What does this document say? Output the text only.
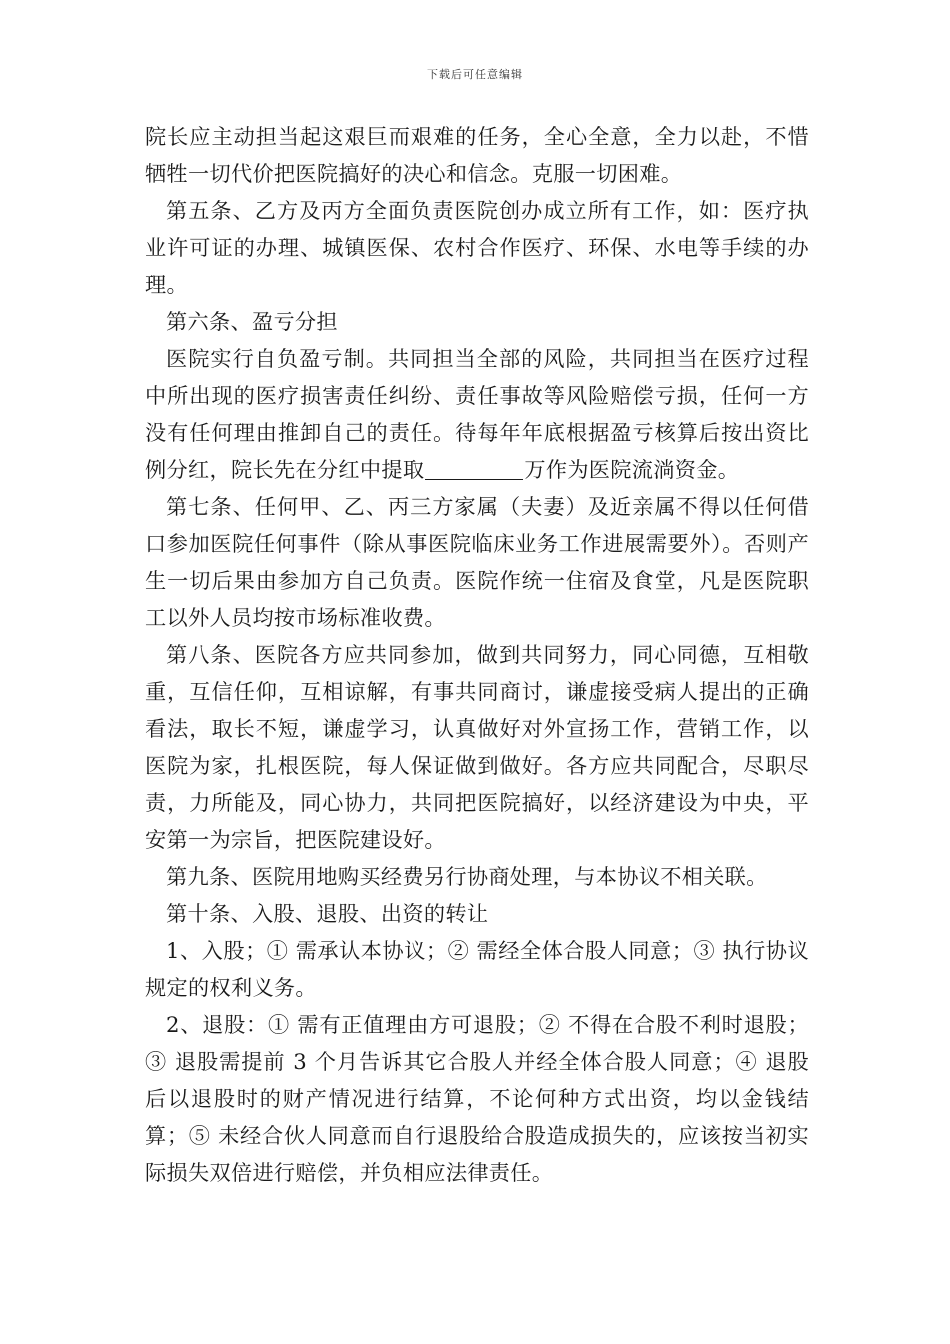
下载后可任意编辑

院长应主动担当起这艰巨而艰难的任务，全心全意，全力以赴，不惜牺牲一切代价把医院搞好的决心和信念。克服一切困难。

第五条、乙方及丙方全面负责医院创办成立所有工作，如：医疗执业许可证的办理、城镇医保、农村合作医疗、环保、水电等手续的办理。

第六条、盈亏分担

医院实行自负盈亏制。共同担当全部的风险，共同担当在医疗过程中所出现的医疗损害责任纠纷、责任事故等风险赔偿亏损，任何一方没有任何理由推卸自己的责任。待每年年底根据盈亏核算后按出资比例分红，院长先在分红中提取	万作为医院流淌资金。

第七条、任何甲、乙、丙三方家属（夫妻）及近亲属不得以任何借口参加医院任何事件（除从事医院临床业务工作进展需要外）。否则产生一切后果由参加方自己负责。医院作统一住宿及食堂，凡是医院职工以外人员均按市场标准收费。

第八条、医院各方应共同参加，做到共同努力，同心同德，互相敬重，互信任仰，互相谅解，有事共同商讨，谦虚接受病人提出的正确看法，取长不短，谦虚学习，认真做好对外宣扬工作，营销工作，以医院为家，扎根医院，每人保证做到做好。各方应共同配合，尽职尽责，力所能及，同心协力，共同把医院搞好，以经济建设为中央，平安第一为宗旨，把医院建设好。

第九条、医院用地购买经费另行协商处理，与本协议不相关联。

第十条、入股、退股、出资的转让

1、入股；① 需承认本协议；② 需经全体合股人同意；③ 执行协议规定的权利义务。

2、退股：① 需有正值理由方可退股；② 不得在合股不利时退股；③ 退股需提前 3 个月告诉其它合股人并经全体合股人同意；④ 退股后以退股时的财产情况进行结算，不论何种方式出资，均以金钱结算；⑤ 未经合伙人同意而自行退股给合股造成损失的，应该按当初实际损失双倍进行赔偿，并负相应法律责任。
